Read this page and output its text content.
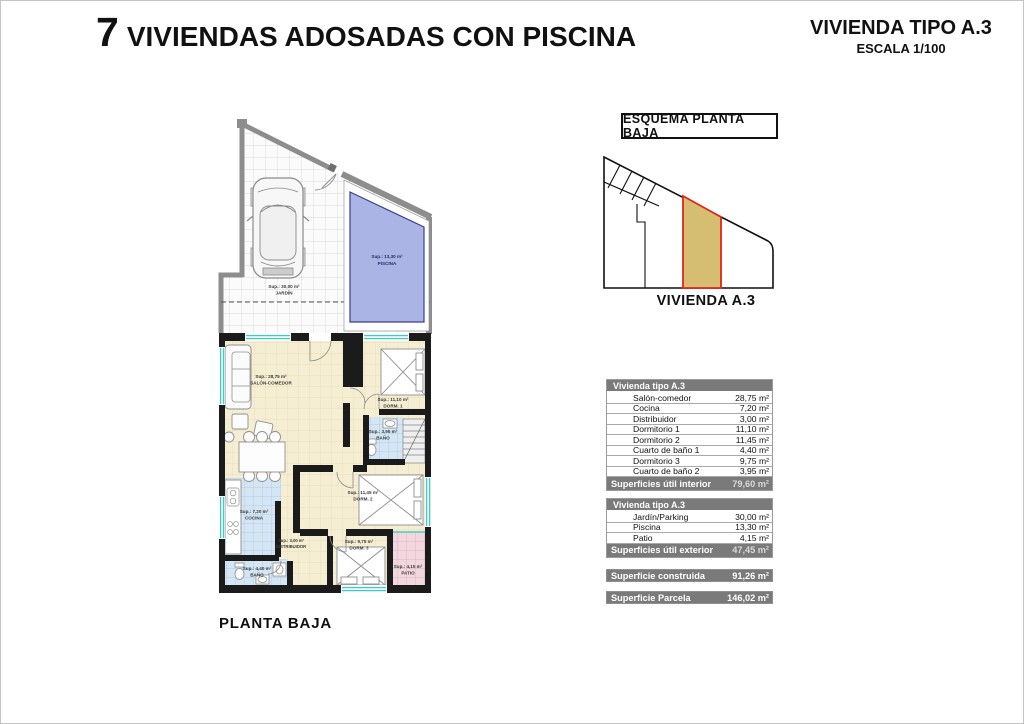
7 VIVIENDAS ADOSADAS CON PISCINA	VIVIENDA TIPO A.3
ESCALA 1/100
ESQUEMA PLANTA BAJA
VIVIENDA A.3
Sup.: 13,30 m²
PISCINA
Sup.: 30,00 m²
JARDÍN
Sup.: 28,75 m²
SALÓN-COMEDOR
Sup.: 11,10 m²
DORM. 1
Sup.: 3,95 m²
BAÑO
Sup.: 11,45 m²
DORM. 2
Sup.: 7,20 m²
COCINA
Sup.: 3,00 m²
DISTRIBUIDOR
Sup.: 9,75 m²
DORM. 3
Sup.: 4,40 m²
BAÑO
Sup.: 4,15 m²
PATIO
PLANTA BAJA
Vivienda tipo A.3
Salón-comedor	28,75 m²
Cocina	7,20 m²
Distribuidor	3,00 m²
Dormitorio 1	11,10 m²
Dormitorio 2	11,45 m²
Cuarto de baño 1	4,40 m²
Dormitorio 3	9,75 m²
Cuarto de baño 2	3,95 m²
Superficies útil interior 79,60 m²
Vivienda tipo A.3
Jardín/Parking	30,00 m²
Piscina	13,30 m²
Patio	4,15 m²
Superficies útil exterior 47,45 m²
Superficie construida	91,26 m²
Superficie Parcela	146,02 m²
